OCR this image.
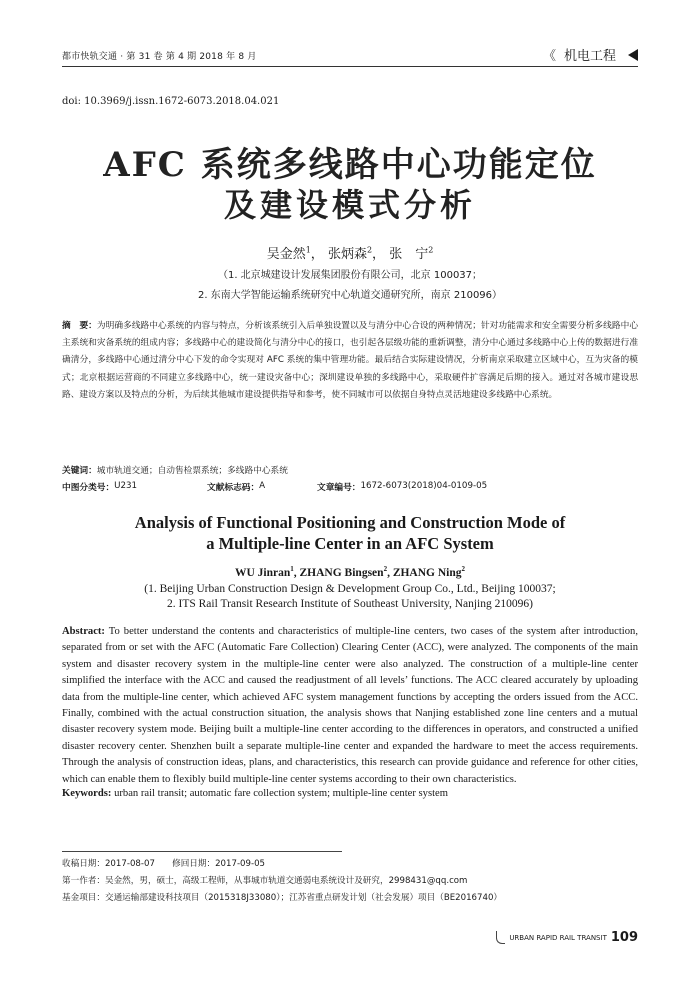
都市快轨交通 · 第 31 卷 第 4 期 2018 年 8 月	《 机电工程
doi: 10.3969/j.issn.1672-6073.2018.04.021
AFC 系统多线路中心功能定位
及建设模式分析
吴金然$^1$， 张炳森$^2$， 张　宁$^2$
（1. 北京城建设计发展集团股份有限公司，北京 100037；
2. 东南大学智能运输系统研究中心轨道交通研究所，南京 210096）
摘　要：为明确多线路中心系统的内容与特点，分析该系统引入后单独设置以及与清分中心合设的两种情况；针对功能需求和安全需要分析多线路中心主系统和灾备系统的组成内容；多线路中心的建设简化与清分中心的接口，也引起各层级功能的重新调整，清分中心通过多线路中心上传的数据进行准确清分，多线路中心通过清分中心下发的命令实现对 AFC 系统的集中管理功能。最后结合实际建设情况，分析南京采取建立区域中心，互为灾备的模式；北京根据运营商的不同建立多线路中心，统一建设灾备中心；深圳建设单独的多线路中心，采取硬件扩容满足后期的接入。通过对各城市建设思路、建设方案以及特点的分析，为后续其他城市建设提供指导和参考，使不同城市可以依据自身特点灵活地建设多线路中心系统。
关键词：城市轨道交通；自动售检票系统；多线路中心系统
中图分类号： U231	文献标志码： A	文章编号： 1672-6073(2018)04-0109-05
Analysis of Functional Positioning and Construction Mode of
a Multiple-line Center in an AFC System
WU Jinran$^1$, ZHANG Bingsen$^2$, ZHANG Ning$^2$
(1. Beijing Urban Construction Design & Development Group Co., Ltd., Beijing 100037;
2. ITS Rail Transit Research Institute of Southeast University, Nanjing 210096)
Abstract: To better understand the contents and characteristics of multiple-line centers, two cases of the system after introduction, separated from or set with the AFC (Automatic Fare Collection) Clearing Center (ACC), were analyzed. The components of the main system and disaster recovery system in the multiple-line center were also analyzed. The construction of a multiple-line center simplified the interface with the ACC and caused the readjustment of all levels’ functions. The ACC cleared accurately by uploading data from the multiple-line center, which achieved AFC system management functions by accepting the orders issued from the ACC. Finally, combined with the actual construction situation, the analysis shows that Nanjing established zone line centers and a mutual disaster recovery system mode. Beijing built a multiple-line center according to the differences in operators, and constructed a unified disaster recovery center. Shenzhen built a separate multiple-line center and expanded the hardware to meet the access requirements. Through the analysis of construction ideas, plans, and characteristics, this research can provide guidance and reference for other cities, which can enable them to flexibly build multiple-line center systems according to their own characteristics.
Keywords: urban rail transit; automatic fare collection system; multiple-line center system
收稿日期：2017-08-07　　修回日期：2017-09-05
第一作者：吴金然，男，硕士，高级工程师，从事城市轨道交通弱电系统设计及研究，2998431@qq.com
基金项目：交通运输部建设科技项目（2015318J33080）；江苏省重点研发计划（社会发展）项目（BE2016740）
URBAN RAPID RAIL TRANSIT 109
